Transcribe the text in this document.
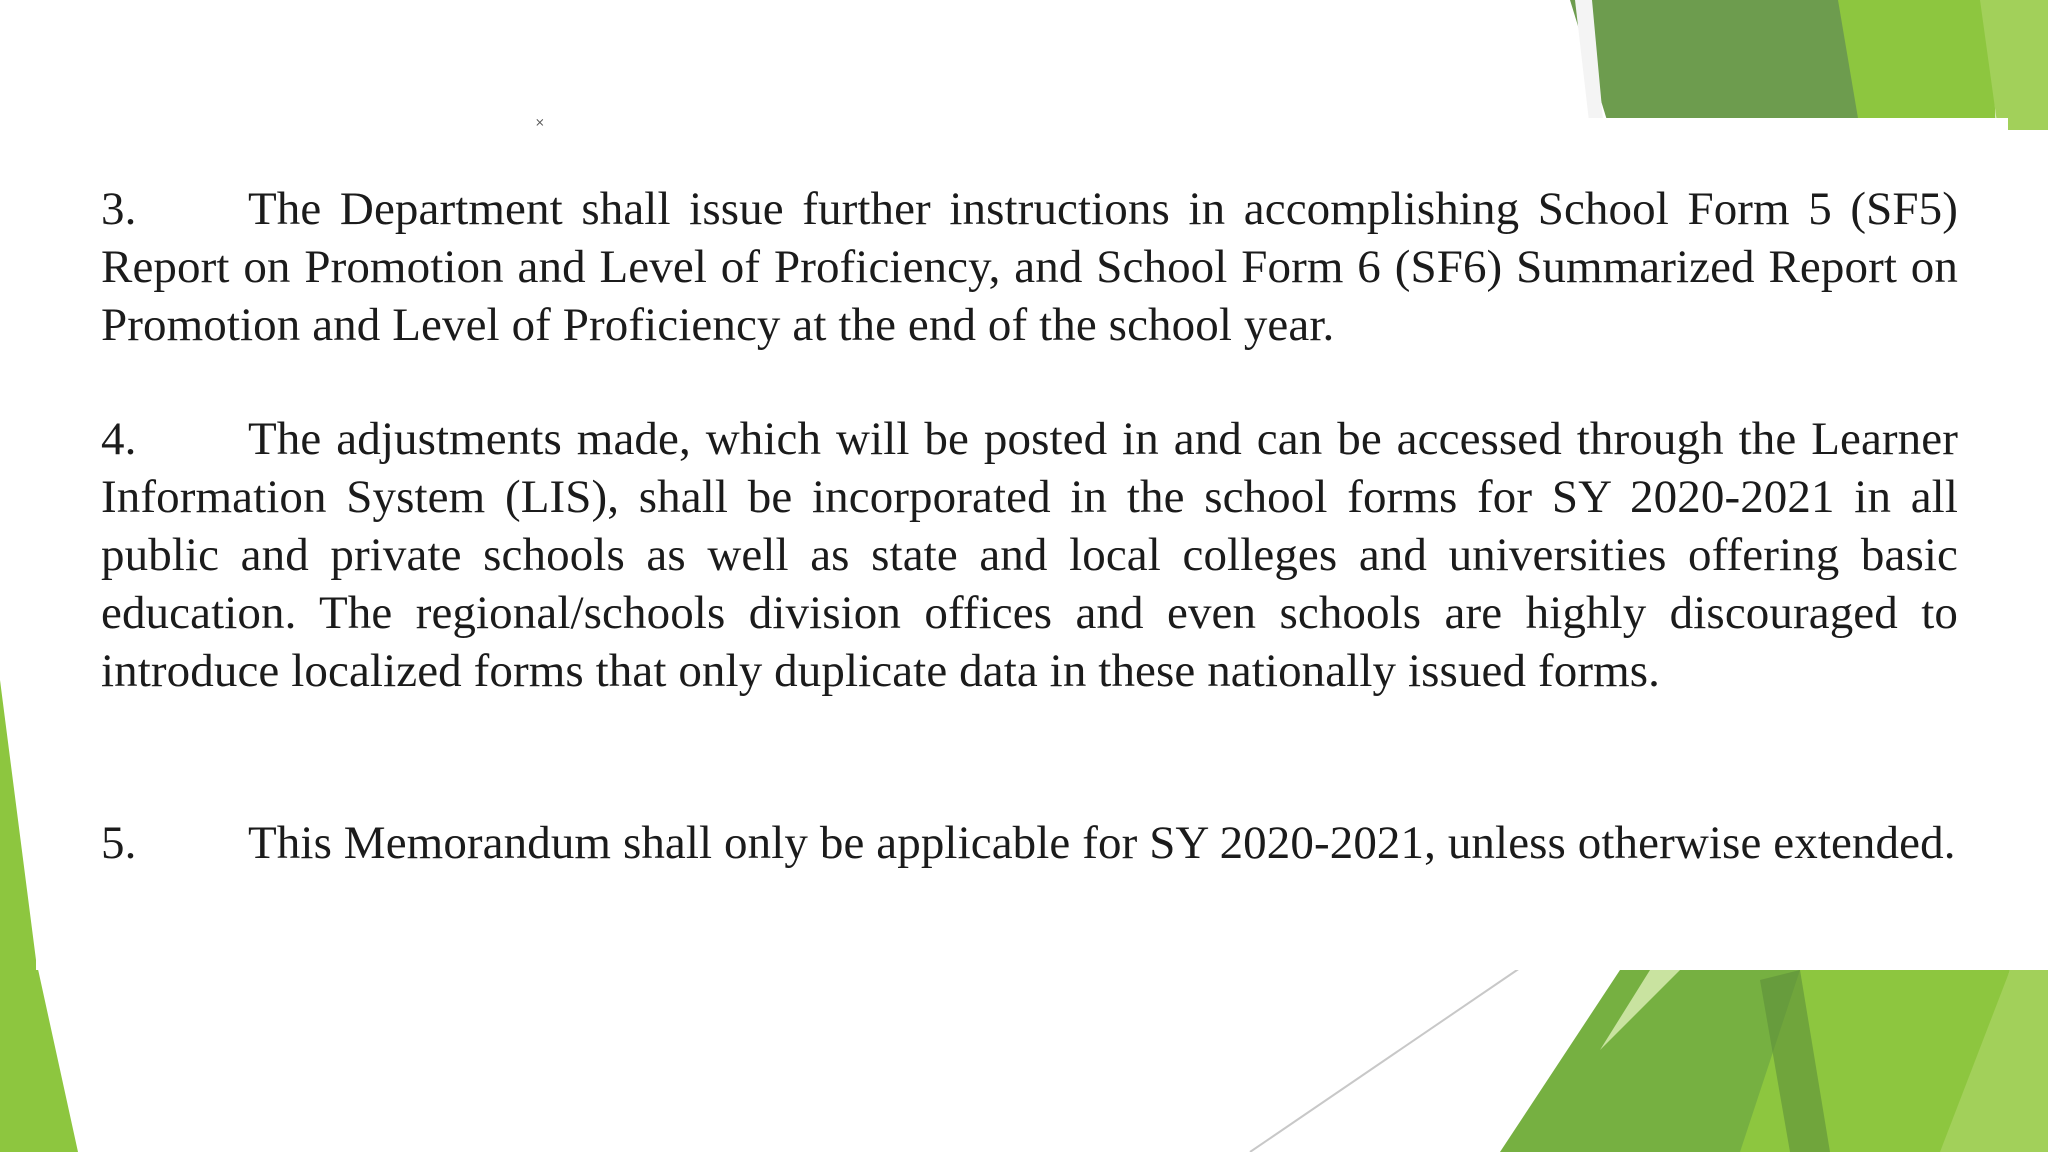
˟
3. The Department shall issue further instructions in accomplishing School Form 5 (SF5) Report on Promotion and Level of Proficiency, and School Form 6 (SF6) Summarized Report on Promotion and Level of Proficiency at the end of the school year.
4. The adjustments made, which will be posted in and can be accessed through the Learner Information System (LIS), shall be incorporated in the school forms for SY 2020-2021 in all public and private schools as well as state and local colleges and universities offering basic education. The regional/schools division offices and even schools are highly discouraged to introduce localized forms that only duplicate data in these nationally issued forms.
5. This Memorandum shall only be applicable for SY 2020-2021, unless otherwise extended.
